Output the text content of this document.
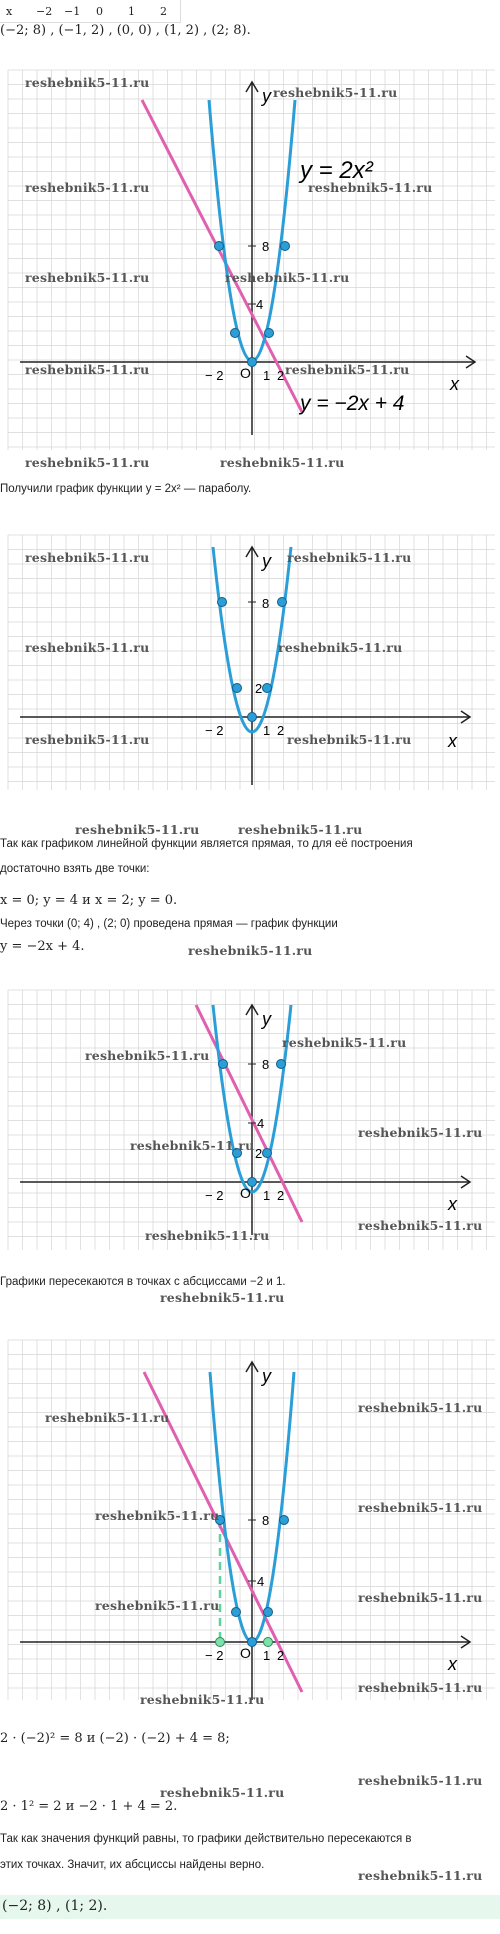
x −2 −1 0 1 2
(−2; 8) , (−1, 2) , (0, 0) , (1, 2) , (2; 8).
y
x
8
4
− 2 O 1 2
y = 2x²
y = −2x + 4
reshebnik5-11.ru
reshebnik5-11.ru
reshebnik5-11.ru	reshebnik5-11.ru
reshebnik5-11.ru	reshebnik5-11.ru
reshebnik5-11.ru	reshebnik5-11.ru
reshebnik5-11.ru	reshebnik5-11.ru
Получили график функции y = 2x² — параболу.
y
x
8
2
− 2	1 2
reshebnik5-11.ru	reshebnik5-11.ru
reshebnik5-11.ru	reshebnik5-11.ru
reshebnik5-11.ru	reshebnik5-11.ru
reshebnik5-11.ru	reshebnik5-11.ru
Так как графиком линейной функции является прямая, то для её построения
достаточно взять две точки:
x = 0; y = 4 и x = 2; y = 0.
Через точки (0; 4) , (2; 0) проведена прямая — график функции
y = −2x + 4.	reshebnik5-11.ru
y
x
8
4
2
− 2 O 1 2
reshebnik5-11.ru
reshebnik5-11.ru
reshebnik5-11.ru
reshebnik5-11.ru
reshebnik5-11.ru
reshebnik5-11.ru
Графики пересекаются в точках с абсциссами −2 и 1.
reshebnik5-11.ru
y
x
8
4
− 2 O 1 2
reshebnik5-11.ru
reshebnik5-11.ru
reshebnik5-11.ru
reshebnik5-11.ru
reshebnik5-11.ru
reshebnik5-11.ru
reshebnik5-11.ru
reshebnik5-11.ru
2 · (−2)² = 8 и (−2) · (−2) + 4 = 8;
reshebnik5-11.ru
reshebnik5-11.ru
2 · 1² = 2 и −2 · 1 + 4 = 2.
Так как значения функций равны, то графики действительно пересекаются в
этих точках. Значит, их абсциссы найдены верно.
reshebnik5-11.ru
(−2; 8) , (1; 2).
